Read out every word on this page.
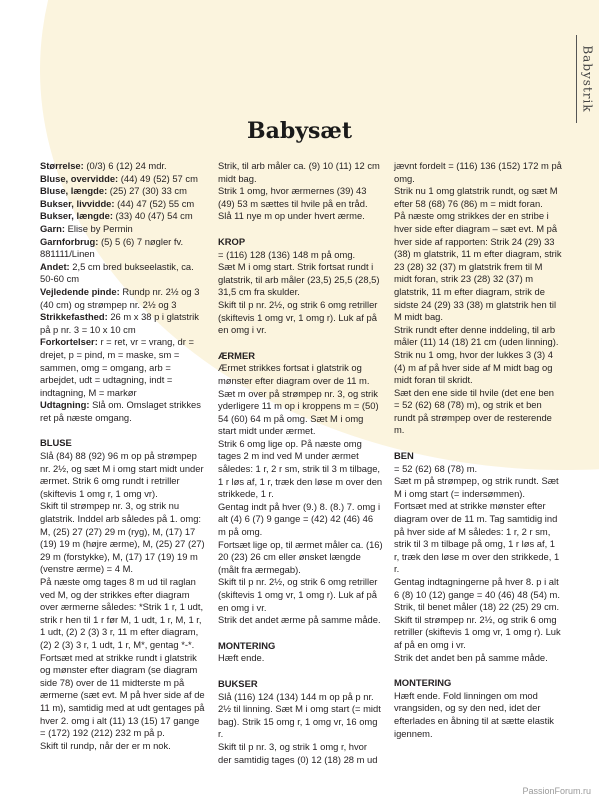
Babystrik
Babysæt

Størrelse: (0/3) 6 (12) 24 mdr.

Bluse, overvidde: (44) 49 (52) 57 cm

Bluse, længde: (25) 27 (30) 33 cm

Bukser, livvidde: (44) 47 (52) 55 cm

Bukser, længde: (33) 40 (47) 54 cm

Garn: Elise by Permin

Garnforbrug: (5) 5 (6) 7 nøgler fv. 881111/Linen

Andet: 2,5 cm bred bukseelastik, ca. 50-60 cm

Vejledende pinde: Rundp nr. 2½ og 3 (40 cm) og strømpep nr. 2½ og 3

Strikkefasthed: 26 m x 38 p i glatstrik på p nr. 3 = 10 x 10 cm

Forkortelser: r = ret, vr = vrang, dr = drejet, p = pind, m = maske, sm = sammen, omg = omgang, arb = arbejdet, udt = udtagning, indt = indtagning, M = markør

Udtagning: Slå om. Omslaget strikkes ret på næste omgang.

BLUSE

Slå (84) 88 (92) 96 m op på strømpep nr. 2½, og sæt M i omg start midt under ærmet. Strik 6 omg rundt i retriller (skiftevis 1 omg r, 1 omg vr).

Skift til strømpep nr. 3, og strik nu glatstrik. Inddel arb således på 1. omg: M, (25) 27 (27) 29 m (ryg), M, (17) 17 (19) 19 m (højre ærme), M, (25) 27 (27) 29 m (forstykke), M, (17) 17 (19) 19 m (venstre ærme) = 4 M.

På næste omg tages 8 m ud til raglan ved M, og der strikkes efter diagram over ærmerne således: *Strik 1 r, 1 udt, strik r hen til 1 r før M, 1 udt, 1 r, M, 1 r, 1 udt, (2) 2 (3) 3 r, 11 m efter diagram, (2) 2 (3) 3 r, 1 udt, 1 r, M*, gentag *-*.

Fortsæt med at strikke rundt i glatstrik og mønster efter diagram (se diagram side 78) over de 11 midterste m på ærmerne (sæt evt. M på hver side af de 11 m), samtidig med at udt gentages på hver 2. omg i alt (11) 13 (15) 17 gange = (172) 192 (212) 232 m på p.

Skift til rundp, når der er m nok.

Strik, til arb måler ca. (9) 10 (11) 12 cm midt bag.

Strik 1 omg, hvor ærmernes (39) 43 (49) 53 m sættes til hvile på en tråd. Slå 11 nye m op under hvert ærme.

KROP

= (116) 128 (136) 148 m på omg.
Sæt M i omg start. Strik fortsat rundt i glatstrik, til arb måler (23,5) 25,5 (28,5) 31,5 cm fra skulder.
Skift til p nr. 2½, og strik 6 omg retriller (skiftevis 1 omg vr, 1 omg r). Luk af på en omg i vr.

ÆRMER

Ærmet strikkes fortsat i glatstrik og mønster efter diagram over de 11 m.
Sæt m over på strømpep nr. 3, og strik yderligere 11 m op i kroppens m = (50) 54 (60) 64 m på omg. Sæt M i omg start midt under ærmet.
Strik 6 omg lige op. På næste omg tages 2 m ind ved M under ærmet således: 1 r, 2 r sm, strik til 3 m tilbage, 1 r løs af, 1 r, træk den løse m over den strikkede, 1 r.
Gentag indt på hver (9.) 8. (8.) 7. omg i alt (4) 6 (7) 9 gange = (42) 42 (46) 46 m på omg.
Fortsæt lige op, til ærmet måler ca. (16) 20 (23) 26 cm eller ønsket længde (målt fra ærmegab).
Skift til p nr. 2½, og strik 6 omg retriller (skiftevis 1 omg vr, 1 omg r). Luk af på en omg i vr.
Strik det andet ærme på samme måde.

MONTERING

Hæft ende.

BUKSER

Slå (116) 124 (134) 144 m op på p nr. 2½ til linning. Sæt M i omg start (= midt bag). Strik 15 omg r, 1 omg vr, 16 omg r.
Skift til p nr. 3, og strik 1 omg r, hvor der samtidig tages (0) 12 (18) 28 m ud

jævnt fordelt = (116) 136 (152) 172 m på omg.
Strik nu 1 omg glatstrik rundt, og sæt M efter 58 (68) 76 (86) m = midt foran.
På næste omg strikkes der en stribe i hver side efter diagram – sæt evt. M på hver side af rapporten: Strik 24 (29) 33 (38) m glatstrik, 11 m efter diagram, strik 23 (28) 32 (37) m glatstrik frem til M midt foran, strik 23 (28) 32 (37) m glatstrik, 11 m efter diagram, strik de sidste 24 (29) 33 (38) m glatstrik hen til M midt bag.
Strik rundt efter denne inddeling, til arb måler (11) 14 (18) 21 cm (uden linning).
Strik nu 1 omg, hvor der lukkes 3 (3) 4 (4) m af på hver side af M midt bag og midt foran til skridt.
Sæt den ene side til hvile (det ene ben = 52 (62) 68 (78) m), og strik et ben rundt på strømpep over de resterende m.

BEN

= 52 (62) 68 (78) m.
Sæt m på strømpep, og strik rundt. Sæt M i omg start (= indersømmen).
Fortsæt med at strikke mønster efter diagram over de 11 m. Tag samtidig ind på hver side af M således: 1 r, 2 r sm, strik til 3 m tilbage på omg, 1 r løs af, 1 r, træk den løse m over den strikkede, 1 r.
Gentag indtagningerne på hver 8. p i alt 6 (8) 10 (12) gange = 40 (46) 48 (54) m.
Strik, til benet måler (18) 22 (25) 29 cm. Skift til strømpep nr. 2½, og strik 6 omg retriller (skiftevis 1 omg vr, 1 omg r). Luk af på en omg i vr.
Strik det andet ben på samme måde.

MONTERING

Hæft ende. Fold linningen om mod vrangsiden, og sy den ned, idet der efterlades en åbning til at sætte elastik igennem.

PassionForum.ru
